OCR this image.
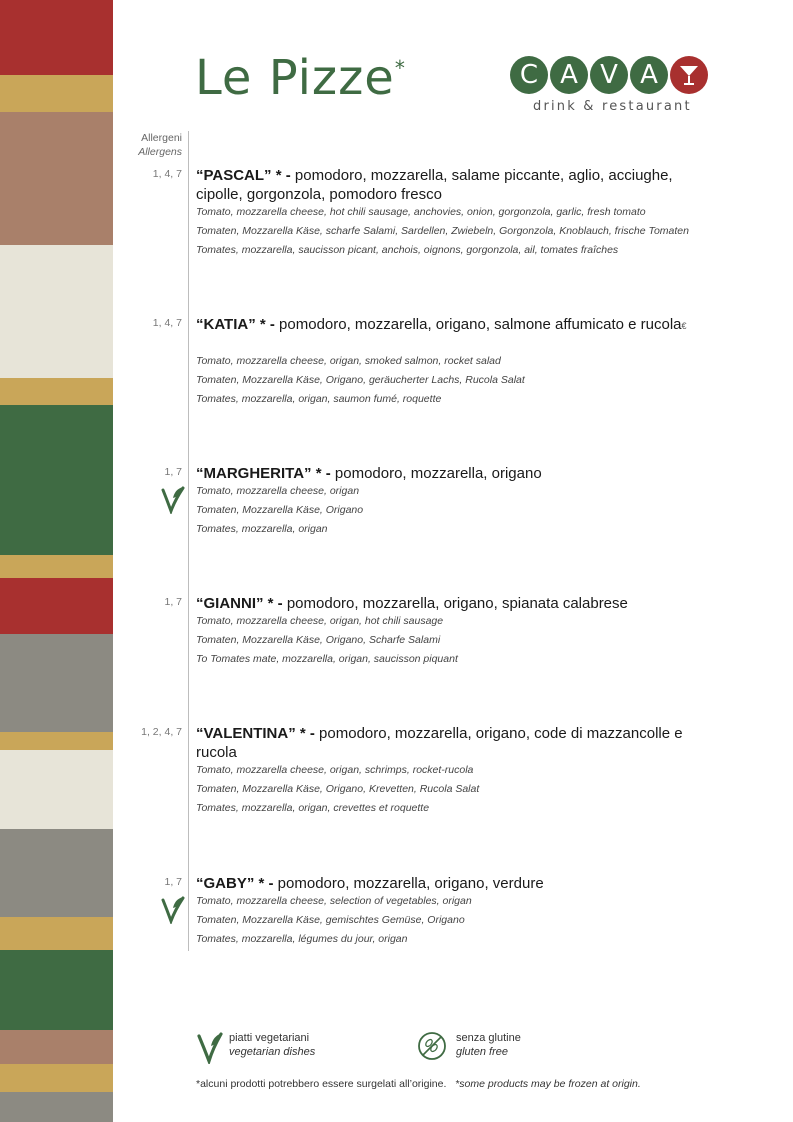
Le Pizze*	C A V A
drink & restaurant
Allergeni
Allergens
1, 4, 7 “PASCAL” * - pomodoro, mozzarella, salame piccante, aglio, acciughe, cipolle, gorgonzola, pomodoro fresco
Tomato, mozzarella cheese, hot chili sausage, anchovies, onion, gorgonzola, garlic, fresh tomato
Tomaten, Mozzarella Käse, scharfe Salami, Sardellen, Zwiebeln, Gorgonzola, Knoblauch, frische Tomaten
Tomates, mozzarella, saucisson picant, anchois, oignons, gorgonzola, ail, tomates fraîches
1, 4, 7 “KATIA” * - pomodoro, mozzarella, origano, salmone affumicato e rucola€
Tomato, mozzarella cheese, origan, smoked salmon, rocket salad
Tomaten, Mozzarella Käse, Origano, geräucherter Lachs, Rucola Salat
Tomates, mozzarella, origan, saumon fumé, roquette
1, 7 “MARGHERITA” * - pomodoro, mozzarella, origano
Tomato, mozzarella cheese, origan
Tomaten, Mozzarella Käse, Origano
Tomates, mozzarella, origan
1, 7 “GIANNI” * - pomodoro, mozzarella, origano, spianata calabrese
Tomato, mozzarella cheese, origan, hot chili sausage
Tomaten, Mozzarella Käse, Origano, Scharfe Salami
To Tomates mate, mozzarella, origan, saucisson piquant
1, 2, 4, 7 “VALENTINA” * - pomodoro, mozzarella, origano, code di mazzancolle e rucola
Tomato, mozzarella cheese, origan, schrimps, rocket-rucola
Tomaten, Mozzarella Käse, Origano, Krevetten, Rucola Salat
Tomates, mozzarella, origan, crevettes et roquette
1, 7 “GABY” * - pomodoro, mozzarella, origano, verdure
Tomato, mozzarella cheese, selection of vegetables, origan
Tomaten, Mozzarella Käse, gemischtes Gemüse, Origano
Tomates, mozzarella, légumes du jour, origan
piatti vegetariani
vegetarian dishes
senza glutine
gluten free
*alcuni prodotti potrebbero essere surgelati all’origine. *some products may be frozen at origin.
